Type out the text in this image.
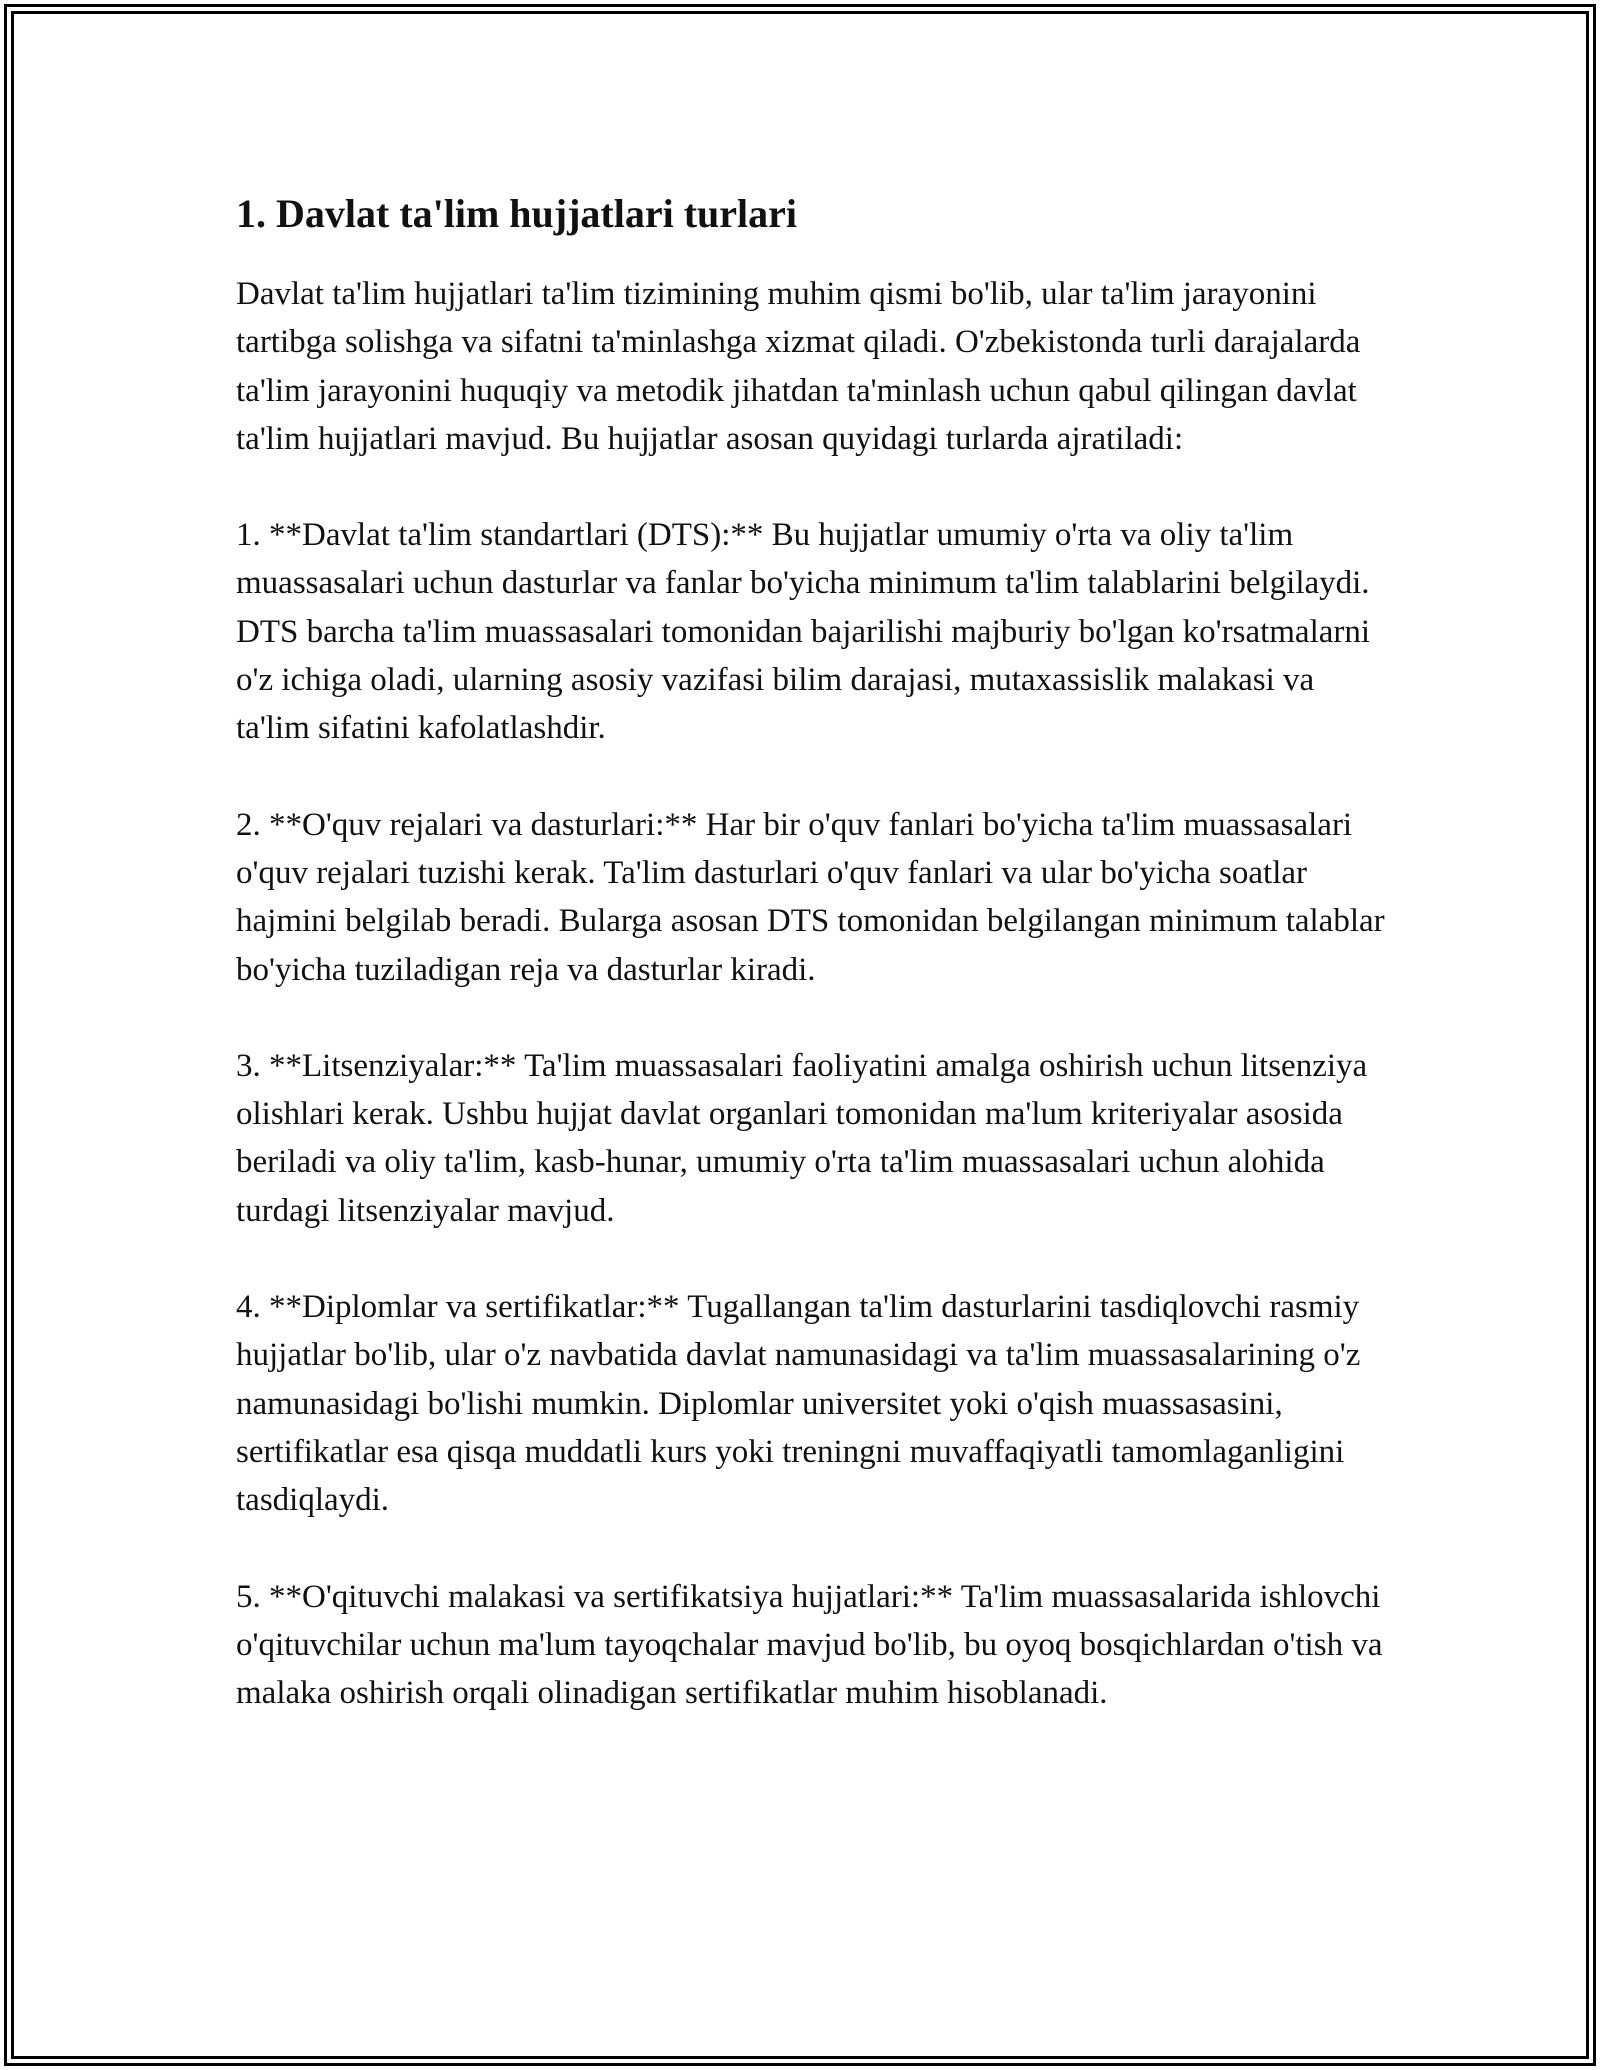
1. Davlat ta'lim hujjatlari turlari

Davlat ta'lim hujjatlari ta'lim tizimining muhim qismi bo'lib, ular ta'lim jarayonini tartibga solishga va sifatni ta'minlashga xizmat qiladi. O'zbekistonda turli darajalarda ta'lim jarayonini huquqiy va metodik jihatdan ta'minlash uchun qabul qilingan davlat ta'lim hujjatlari mavjud. Bu hujjatlar asosan quyidagi turlarda ajratiladi:

1. **Davlat ta'lim standartlari (DTS):** Bu hujjatlar umumiy o'rta va oliy ta'lim muassasalari uchun dasturlar va fanlar bo'yicha minimum ta'lim talablarini belgilaydi. DTS barcha ta'lim muassasalari tomonidan bajarilishi majburiy bo'lgan ko'rsatmalarni o'z ichiga oladi, ularning asosiy vazifasi bilim darajasi, mutaxassislik malakasi va ta'lim sifatini kafolatlashdir.

2. **O'quv rejalari va dasturlari:** Har bir o'quv fanlari bo'yicha ta'lim muassasalari o'quv rejalari tuzishi kerak. Ta'lim dasturlari o'quv fanlari va ular bo'yicha soatlar hajmini belgilab beradi. Bularga asosan DTS tomonidan belgilangan minimum talablar bo'yicha tuziladigan reja va dasturlar kiradi.

3. **Litsenziyalar:** Ta'lim muassasalari faoliyatini amalga oshirish uchun litsenziya olishlari kerak. Ushbu hujjat davlat organlari tomonidan ma'lum kriteriyalar asosida beriladi va oliy ta'lim, kasb-hunar, umumiy o'rta ta'lim muassasalari uchun alohida turdagi litsenziyalar mavjud.

4. **Diplomlar va sertifikatlar:** Tugallangan ta'lim dasturlarini tasdiqlovchi rasmiy hujjatlar bo'lib, ular o'z navbatida davlat namunasidagi va ta'lim muassasalarining o'z namunasidagi bo'lishi mumkin. Diplomlar universitet yoki o'qish muassasasini, sertifikatlar esa qisqa muddatli kurs yoki treningni muvaffaqiyatli tamomlaganligini tasdiqlaydi.

5. **O'qituvchi malakasi va sertifikatsiya hujjatlari:** Ta'lim muassasalarida ishlovchi o'qituvchilar uchun ma'lum tayoqchalar mavjud bo'lib, bu oyoq bosqichlardan o'tish va malaka oshirish orqali olinadigan sertifikatlar muhim hisoblanadi.
